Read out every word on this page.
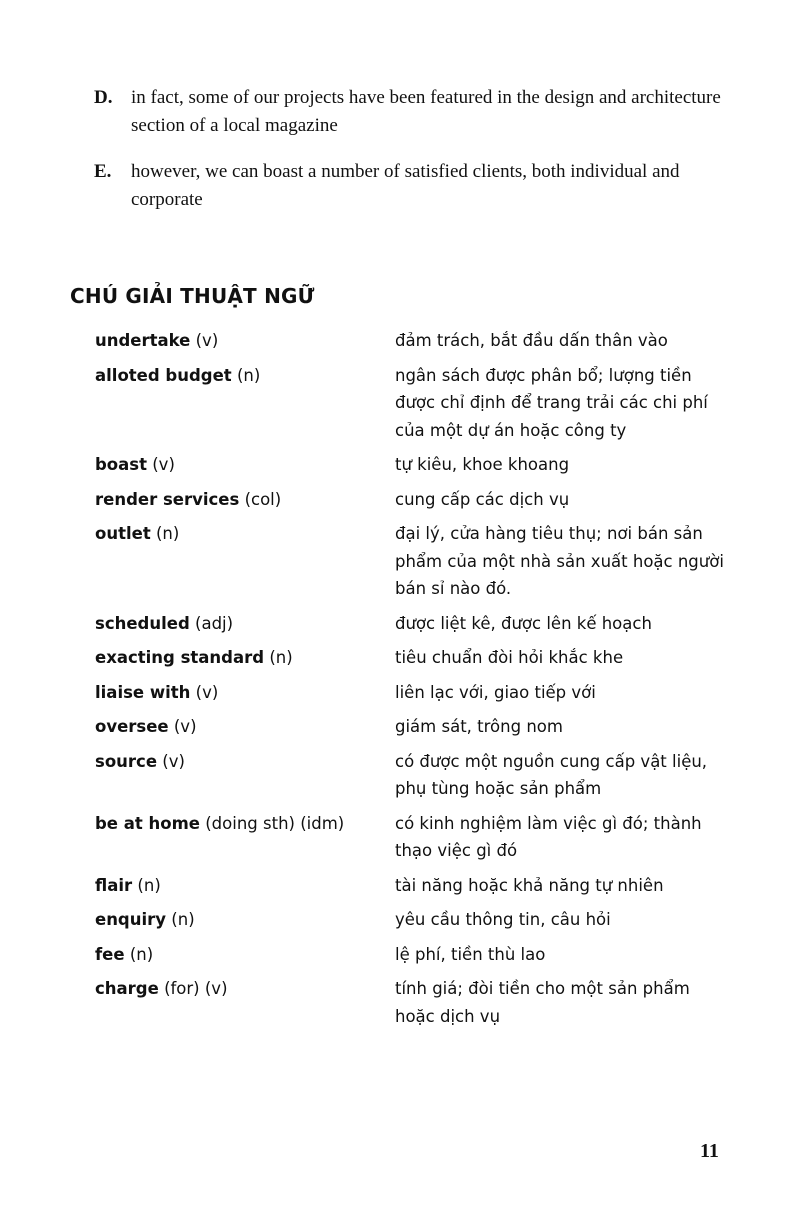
D. in fact, some of our projects have been featured in the design and architecture section of a local magazine
E.	however, we can boast a number of satisfied clients, both individual and corporate
CHÚ GIẢI THUẬT NGỮ
undertake (v)	đảm trách, bắt đầu dấn thân vào
alloted budget (n)	ngân sách được phân bổ; lượng tiền được chỉ định để trang trải các chi phí của một dự án hoặc công ty
boast (v)	tự kiêu, khoe khoang
render services (col)	cung cấp các dịch vụ
outlet (n)	đại lý, cửa hàng tiêu thụ; nơi bán sản phẩm của một nhà sản xuất hoặc người bán sỉ nào đó.
scheduled (adj)	được liệt kê, được lên kế hoạch
exacting standard (n)	tiêu chuẩn đòi hỏi khắc khe
liaise with (v)	liên lạc với, giao tiếp với
oversee (v)	giám sát, trông nom
source (v)	có được một nguồn cung cấp vật liệu, phụ tùng hoặc sản phẩm
be at home (doing sth) (idm)	có kinh nghiệm làm việc gì đó; thành thạo việc gì đó
flair (n)	tài năng hoặc khả năng tự nhiên
enquiry (n)	yêu cầu thông tin, câu hỏi
fee (n)	lệ phí, tiền thù lao
charge (for) (v)	tính giá; đòi tiền cho một sản phẩm hoặc dịch vụ
11
